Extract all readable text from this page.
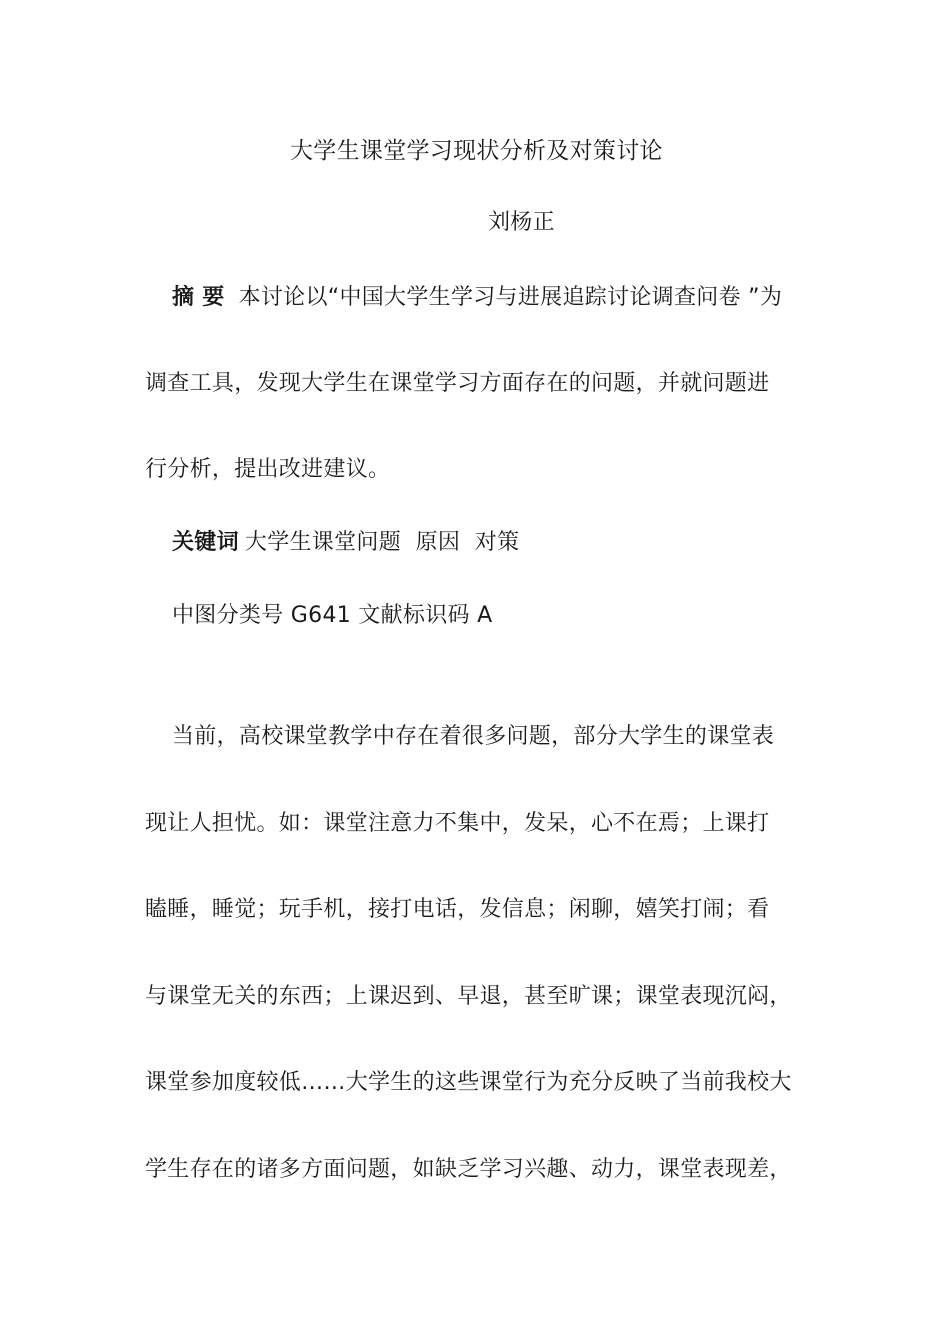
大学生课堂学习现状分析及对策讨论
刘杨正
摘 要 本讨论以“中国大学生学习与进展追踪讨论调查问卷 ”为
调查工具，发现大学生在课堂学习方面存在的问题，并就问题进
行分析，提出改进建议。
关键词 大学生课堂问题  原因  对策
中图分类号 G641 文献标识码 A
当前，高校课堂教学中存在着很多问题，部分大学生的课堂表
现让人担忧。如：课堂注意力不集中，发呆，心不在焉；上课打
瞌睡，睡觉；玩手机，接打电话，发信息；闲聊，嬉笑打闹；看
与课堂无关的东西；上课迟到、早退，甚至旷课；课堂表现沉闷，
课堂参加度较低……大学生的这些课堂行为充分反映了当前我校大
学生存在的诸多方面问题，如缺乏学习兴趣、动力，课堂表现差，
